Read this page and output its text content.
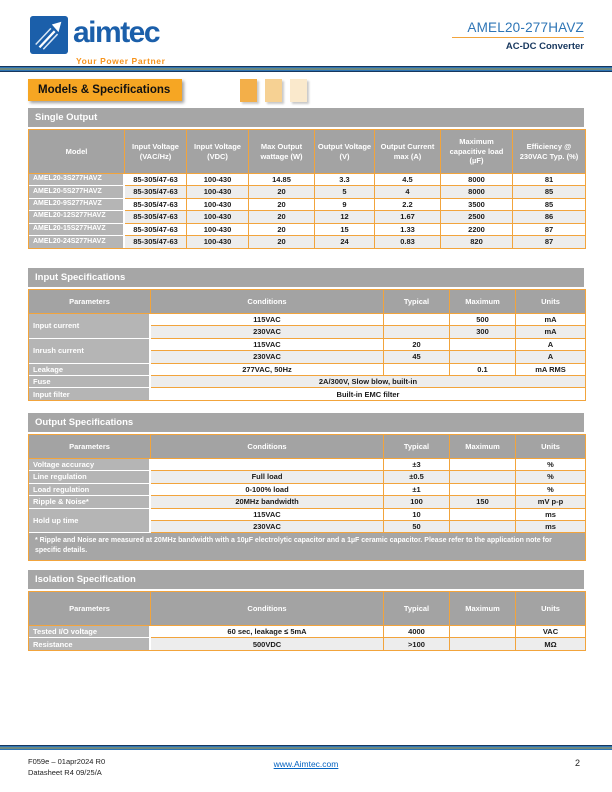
aimtec
Your Power Partner
AMEL20-277HAVZ
AC-DC Converter
Models & Specifications
Single Output
Model	Input Voltage (VAC/Hz)	Input Voltage (VDC)	Max Output wattage (W)	Output Voltage (V)	Output Current max (A)	Maximum capacitive load (µF)	Efficiency @ 230VAC Typ. (%)
AMEL20-3S277HAVZ	85-305/47-63	100-430	14.85	3.3	4.5	8000	81
AMEL20-5S277HAVZ	85-305/47-63	100-430	20	5	4	8000	85
AMEL20-9S277HAVZ	85-305/47-63	100-430	20	9	2.2	3500	85
AMEL20-12S277HAVZ	85-305/47-63	100-430	20	12	1.67	2500	86
AMEL20-15S277HAVZ	85-305/47-63	100-430	20	15	1.33	2200	87
AMEL20-24S277HAVZ	85-305/47-63	100-430	20	24	0.83	820	87
Input Specifications
Parameters	Conditions	Typical	Maximum	Units
Input current	115VAC		500	mA
	230VAC		300	mA
Inrush current	115VAC	20		A
	230VAC	45		A
Leakage	277VAC, 50Hz		0.1	mA RMS
Fuse	2A/300V, Slow blow, built-in			
Input filter	Built-in EMC filter			
Output Specifications
Parameters	Conditions	Typical	Maximum	Units
Voltage accuracy		±3		%
Line regulation	Full load	±0.5		%
Load regulation	0-100% load	±1		%
Ripple & Noise*	20MHz bandwidth	100	150	mV p-p
Hold up time	115VAC	10		ms
	230VAC	50		ms
* Ripple and Noise are measured at 20MHz bandwidth with a 10µF electrolytic capacitor and a 1µF ceramic capacitor. Please refer to the application note for specific details.				
Isolation Specification
Parameters	Conditions	Typical	Maximum	Units
Tested I/O voltage	60 sec, leakage ≤ 5mA	4000		VAC
Resistance	500VDC	>100		MΩ
F059e – 01apr2024 R0
Datasheet R4 09/25/A
www.Aimtec.com	2
